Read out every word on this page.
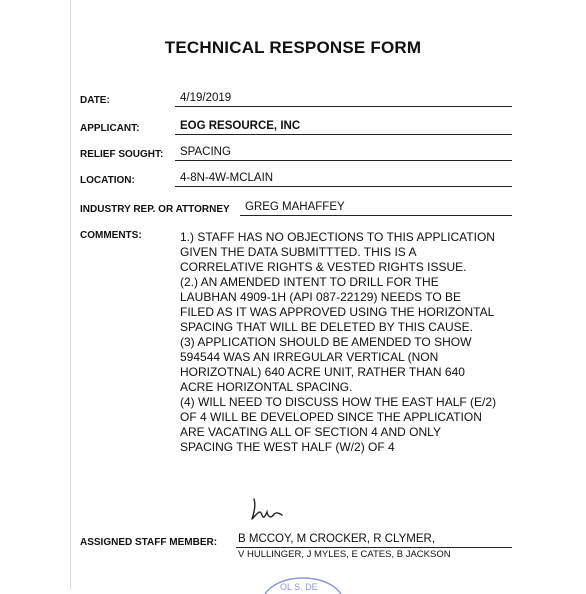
TECHNICAL RESPONSE FORM
DATE:	4/19/2019
APPLICANT:	EOG RESOURCE, INC
RELIEF SOUGHT: SPACING
LOCATION:	4-8N-4W-MCLAIN
INDUSTRY REP. OR ATTORNEY GREG MAHAFFEY
COMMENTS:	1.) STAFF HAS NO OBJECTIONS TO THIS APPLICATION
GIVEN THE DATA SUBMITTTED. THIS IS A
CORRELATIVE RIGHTS & VESTED RIGHTS ISSUE.
(2.) AN AMENDED INTENT TO DRILL FOR THE
LAUBHAN 4909-1H (API 087-22129) NEEDS TO BE
FILED AS IT WAS APPROVED USING THE HORIZONTAL
SPACING THAT WILL BE DELETED BY THIS CAUSE.
(3) APPLICATION SHOULD BE AMENDED TO SHOW
594544 WAS AN IRREGULAR VERTICAL (NON
HORIZOTNAL) 640 ACRE UNIT, RATHER THAN 640
ACRE HORIZONTAL SPACING.
(4) WILL NEED TO DISCUSS HOW THE EAST HALF (E/2)
OF 4 WILL BE DEVELOPED SINCE THE APPLICATION
ARE VACATING ALL OF SECTION 4 AND ONLY
SPACING THE WEST HALF (W/2) OF 4
ASSIGNED STAFF MEMBER: B MCCOY, M CROCKER, R CLYMER,
V HULLINGER, J MYLES, E CATES, B JACKSON
OL S. DE
